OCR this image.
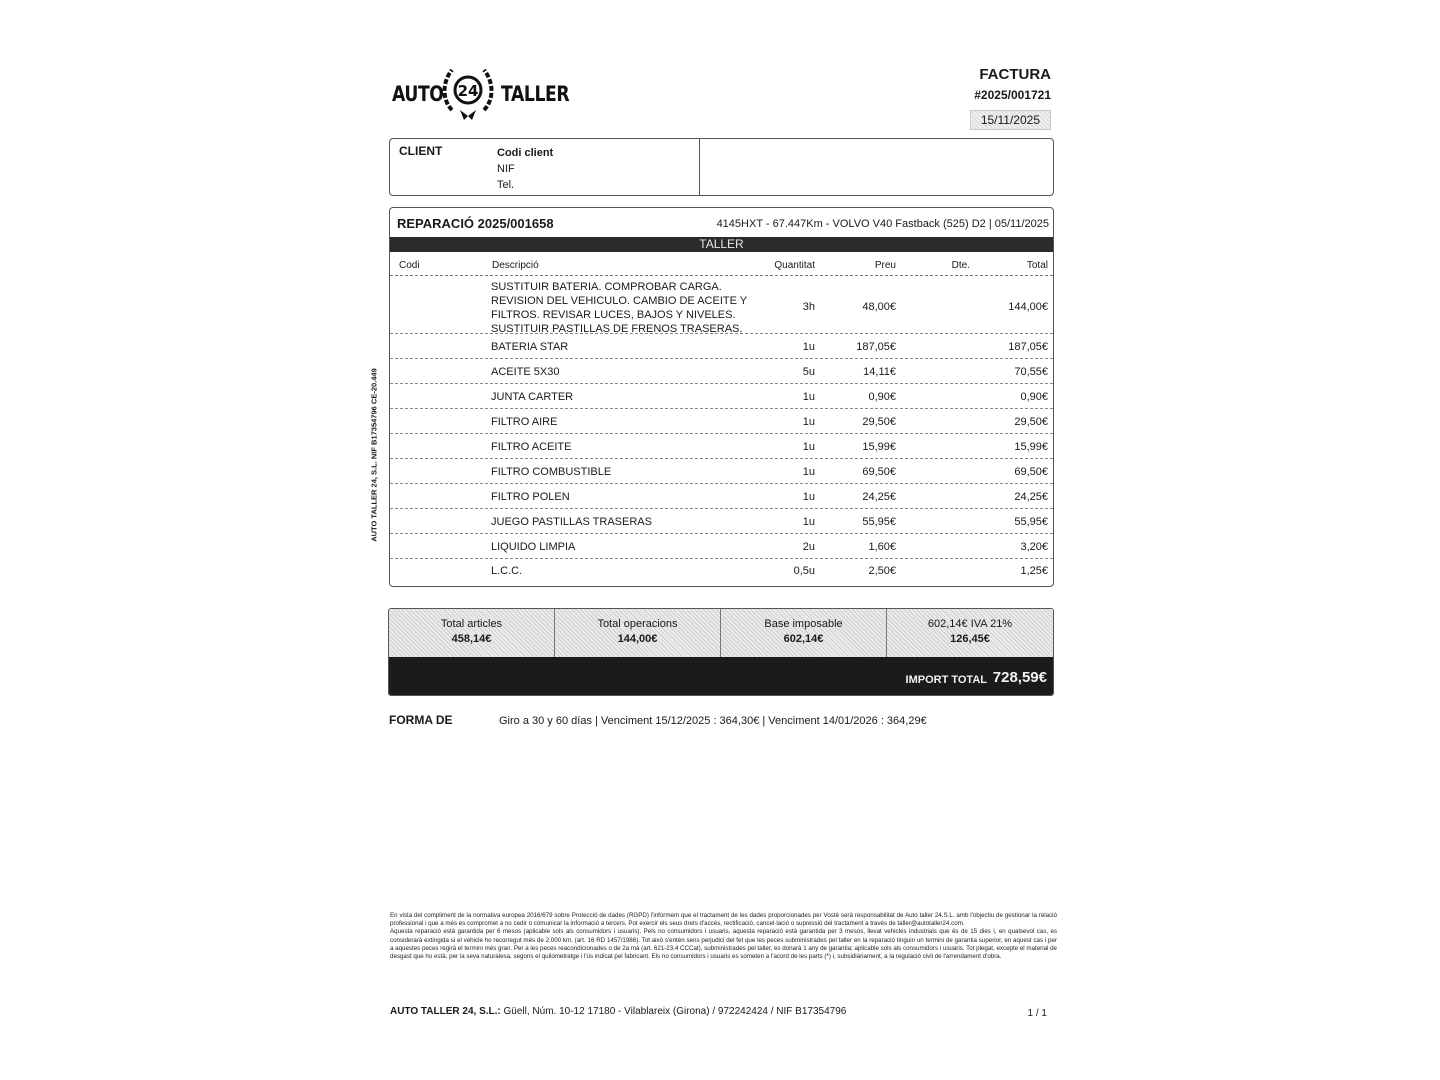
AUTO 24 TALLER
FACTURA
#2025/001721
15/11/2025
CLIENT	Codi client
NIF
Tel.
REPARACIÓ 2025/001658	4145HXT - 67.447Km - VOLVO V40 Fastback (525) D2 | 05/11/2025
TALLER
Codi	Descripció	Quantitat	Preu	Dte.	Total
SUSTITUIR BATERIA. COMPROBAR CARGA.
REVISION DEL VEHICULO. CAMBIO DE ACEITE Y
FILTROS. REVISAR LUCES, BAJOS Y NIVELES.
SUSTITUIR PASTILLAS DE FRENOS TRASERAS.
3h	48,00€	144,00€
BATERIA STAR	1u	187,05€	187,05€
ACEITE 5X30	5u	14,11€	70,55€
JUNTA CARTER	1u	0,90€	0,90€
FILTRO AIRE	1u	29,50€	29,50€
FILTRO ACEITE	1u	15,99€	15,99€
FILTRO COMBUSTIBLE	1u	69,50€	69,50€
FILTRO POLEN	1u	24,25€	24,25€
JUEGO PASTILLAS TRASERAS	1u	55,95€	55,95€
LIQUIDO LIMPIA	2u	1,60€	3,20€
L.C.C.	0,5u	2,50€	1,25€
Total articles
458,14€
Total operacions
144,00€
Base imposable
602,14€
602,14€ IVA 21%
126,45€
IMPORT TOTAL 728,59€
FORMA DE	Giro a 30 y 60 días | Venciment 15/12/2025 : 364,30€ | Venciment 14/01/2026 : 364,29€

En vista del compliment de la normativa europea 2016/679 sobre Protecció de dades (RGPD) l'informem que el tractament de les dades proporcionades per Vostè serà responsabilitat de Auto taller 24,S.L. amb l'objectiu de gestionar la relació professional i que a més es compromet a no cedir o comunicar la informació a tercers. Pot exercir els seus drets d'accés, rectificació, cancel·lació o supressió del tractament a través de taller@autotaller24.com.

Aquesta reparació està garantida per 6 mesos (aplicable sols als consumidors i usuaris). Pels no consumidors i usuaris, aquesta reparació està garantida per 3 mesos, llevat vehicles industrials que és de 15 dies i, en qualsevol cas, es considerarà extingida si el vehicle ho recorregut més de 2.000 km. (art. 16 RD 1457/1986). Tot això s'entén sens perjudici del fet que les peces subministrades pel taller en la reparació tinguin un termini de garantia superior, en aquest cas i per a aquestes peces regirà el termini més gran. Per a les peces reacondicionades o de 2a mà (art. 621-23.4 CCCat), subministrades pel taller, es donarà 1 any de garantia; aplicable sols als consumidors i usuaris. Tot plegat, excepte el material de desgast que ho està, per la seva naturalesa, segons el quilometratge i l'ús indicat pel fabricant. Els no consumidors i usuaris es someten a l'acord de les parts (*) i, subsidiàriament, a la regulació civil de l'arrendament d'obra.

AUTO TALLER 24, S.L.: Güell, Núm. 10-12 17180 - Vilablareix (Girona) / 972242424 / NIF B17354796	1 / 1
AUTO TALLER 24, S.L. NIF B17354796 CE-20.449
